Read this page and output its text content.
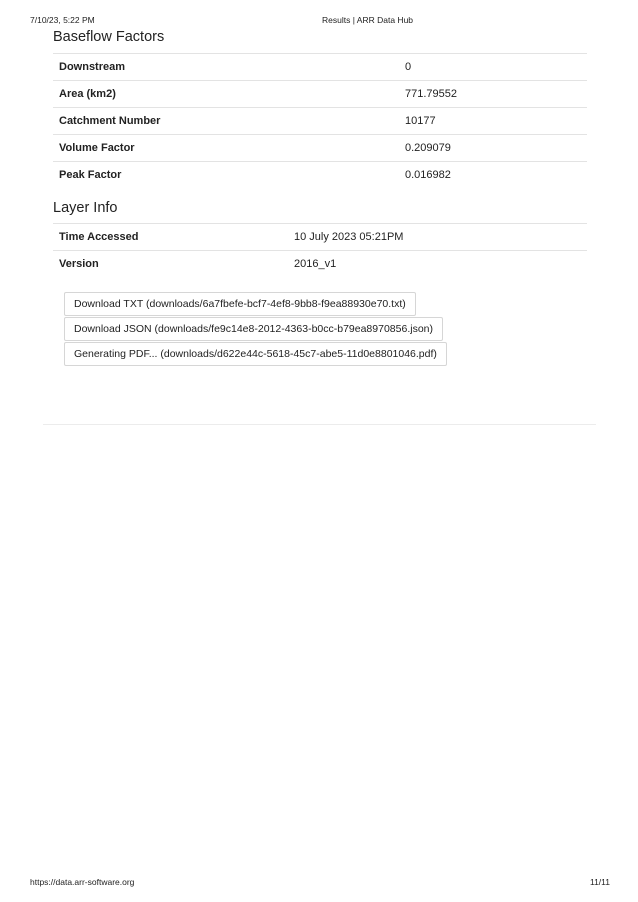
7/10/23, 5:22 PM	Results | ARR Data Hub
Baseflow Factors
Downstream	0
Area (km2)	771.79552
Catchment Number	10177
Volume Factor	0.209079
Peak Factor	0.016982
Layer Info
Time Accessed	10 July 2023 05:21PM
Version	2016_v1
Download TXT (downloads/6a7fbefe-bcf7-4ef8-9bb8-f9ea88930e70.txt)
Download JSON (downloads/fe9c14e8-2012-4363-b0cc-b79ea8970856.json)
Generating PDF... (downloads/d622e44c-5618-45c7-abe5-11d0e8801046.pdf)
https://data.arr-software.org	11/11
